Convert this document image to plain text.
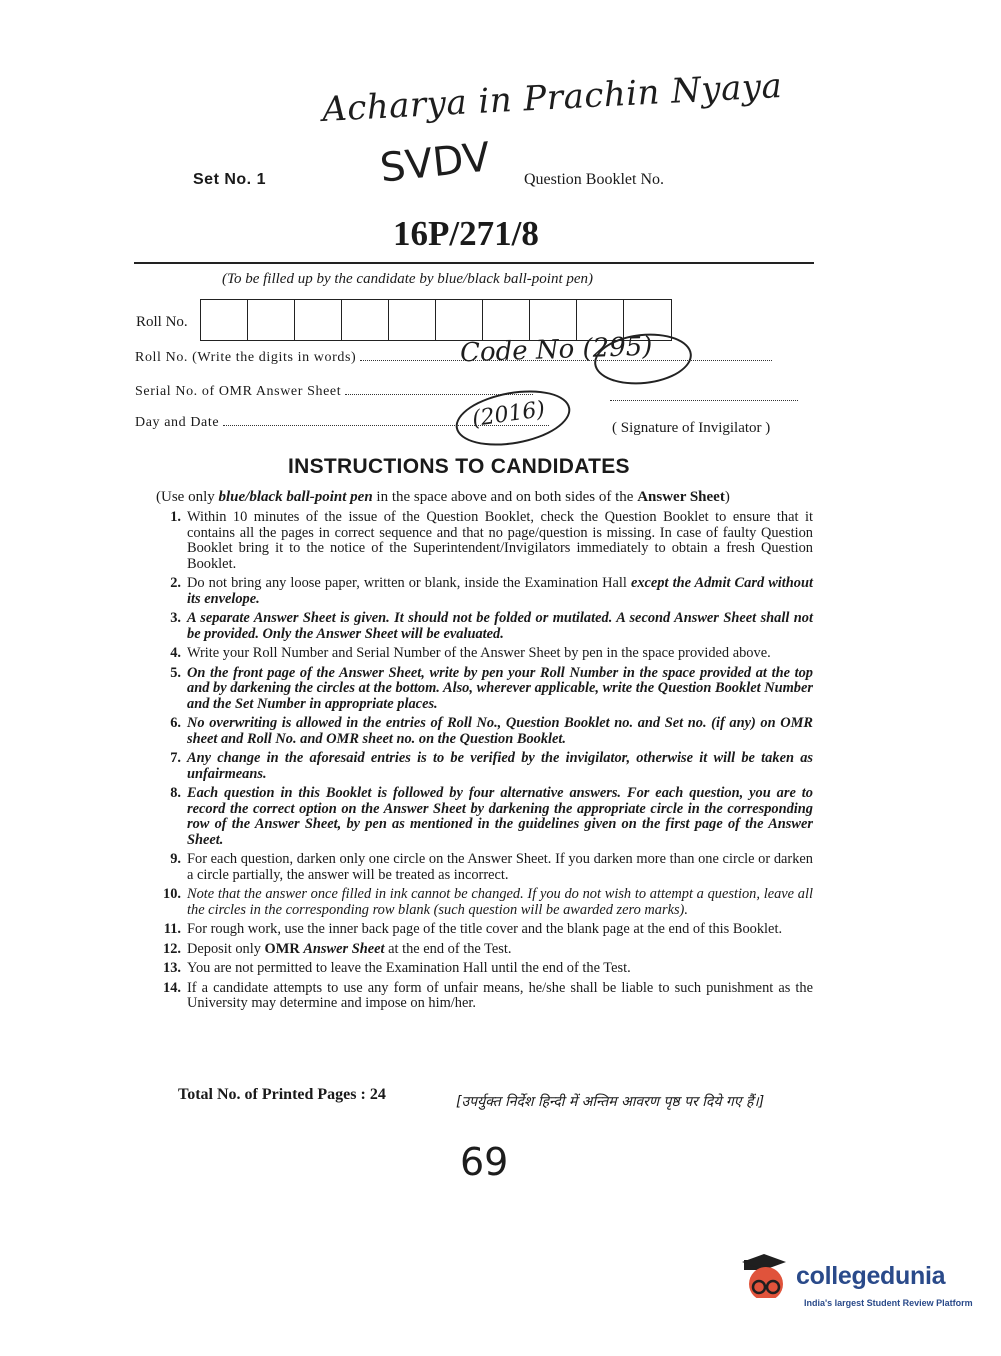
Acharya in Prachin Nyaya
SVDV
Set No. 1	Question Booklet No.
16P/271/8
(To be filled up by the candidate by blue/black ball-point pen)
Roll No.
Roll No. (Write the digits in words)	Code No (295)
Serial No. of OMR Answer Sheet
Day and Date	(2016)	( Signature of Invigilator )
INSTRUCTIONS TO CANDIDATES
(Use only blue/black ball-point pen in the space above and on both sides of the Answer Sheet)
1. Within 10 minutes of the issue of the Question Booklet, check the Question Booklet to ensure that it contains all the pages in correct sequence and that no page/question is missing. In case of faulty Question Booklet bring it to the notice of the Superintendent/Invigilators immediately to obtain a fresh Question Booklet.
2. Do not bring any loose paper, written or blank, inside the Examination Hall except the Admit Card without its envelope.
3. A separate Answer Sheet is given. It should not be folded or mutilated. A second Answer Sheet shall not be provided. Only the Answer Sheet will be evaluated.
4. Write your Roll Number and Serial Number of the Answer Sheet by pen in the space provided above.
5. On the front page of the Answer Sheet, write by pen your Roll Number in the space provided at the top and by darkening the circles at the bottom. Also, wherever applicable, write the Question Booklet Number and the Set Number in appropriate places.
6. No overwriting is allowed in the entries of Roll No., Question Booklet no. and Set no. (if any) on OMR sheet and Roll No. and OMR sheet no. on the Question Booklet.
7. Any change in the aforesaid entries is to be verified by the invigilator, otherwise it will be taken as unfairmeans.
8. Each question in this Booklet is followed by four alternative answers. For each question, you are to record the correct option on the Answer Sheet by darkening the appropriate circle in the corresponding row of the Answer Sheet, by pen as mentioned in the guidelines given on the first page of the Answer Sheet.
9. For each question, darken only one circle on the Answer Sheet. If you darken more than one circle or darken a circle partially, the answer will be treated as incorrect.
10. Note that the answer once filled in ink cannot be changed. If you do not wish to attempt a question, leave all the circles in the corresponding row blank (such question will be awarded zero marks).
11. For rough work, use the inner back page of the title cover and the blank page at the end of this Booklet.
12. Deposit only OMR Answer Sheet at the end of the Test.
13. You are not permitted to leave the Examination Hall until the end of the Test.
14. If a candidate attempts to use any form of unfair means, he/she shall be liable to such punishment as the University may determine and impose on him/her.
Total No. of Printed Pages : 24	[उपर्युक्त निर्देश हिन्दी में अन्तिम आवरण पृष्ठ पर दिये गए हैं।]
69
collegedunia
India's largest Student Review Platform
